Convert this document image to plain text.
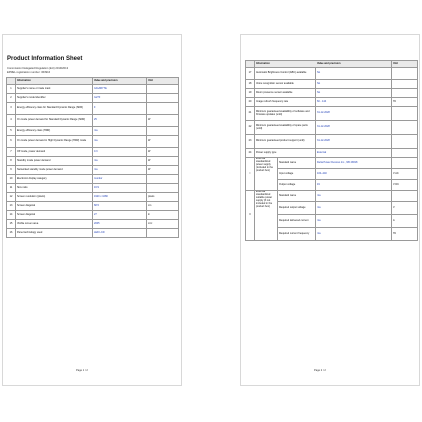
Product Information Sheet
Commission Delegated Regulation (EU) 2019/2013
EPREL registration number: 363916
	Information	Value and precision	Unit
1	Supplier's name or trade mark	GIGABYTE	
2	Supplier's model identifier	G27F	
3	Energy efficiency class for Standard Dynamic Range (SDR)	F	
4	On mode power demand for Standard Dynamic Range (SDR)	25	W
5	Energy efficiency class (HDR)	n/a	
6	On mode power demand in High Dynamic Range (HDR) mode	n/a	W
7	Off mode, power demand	0.3	W
8	Standby mode power demand	n/a	W
9	Networked standby mode power demand	n/a	W
10	Electronic display category	monitor	
11	Size ratio	16:9	
12	Screen resolution (pixels)	1920 x 1080	pixels
13	Screen diagonal	68.5	cm
14	Screen diagonal	27	in
15	Visible screen area	2005	cm²
16	Panel technology used	LED LCD	
Page 1 / 2

	Information Value and precision			Unit
17	Automatic Brightness Control (ABC) available		No	
18	Voice recognition sensor available		No	
19	Room presence sensor available		No	
20	Image refresh frequency rate		60 - 144	Hz
21	Minimum guaranteed availability of software and firmware updates (until)		31-12-2028	
22	Minimum guaranteed availability of spare parts (until)		31-12-2028	
23	Minimum guaranteed product support (until)		31-12-2028	
24	Power supply type		External	
I	External standardized power supply (included in the product box)	Standard name	Delta Power Devices Inc., NB 43818	
		Input voltage	100~240	V AC
		Output voltage	19	V DC
II	External standardized suitable power supply (if not included in the product box)	Standard name	n/a	
		Required output voltage	n/a	V
		Required delivered current	n/a	A
		Required current frequency	n/a	Hz
Page 2 / 2
